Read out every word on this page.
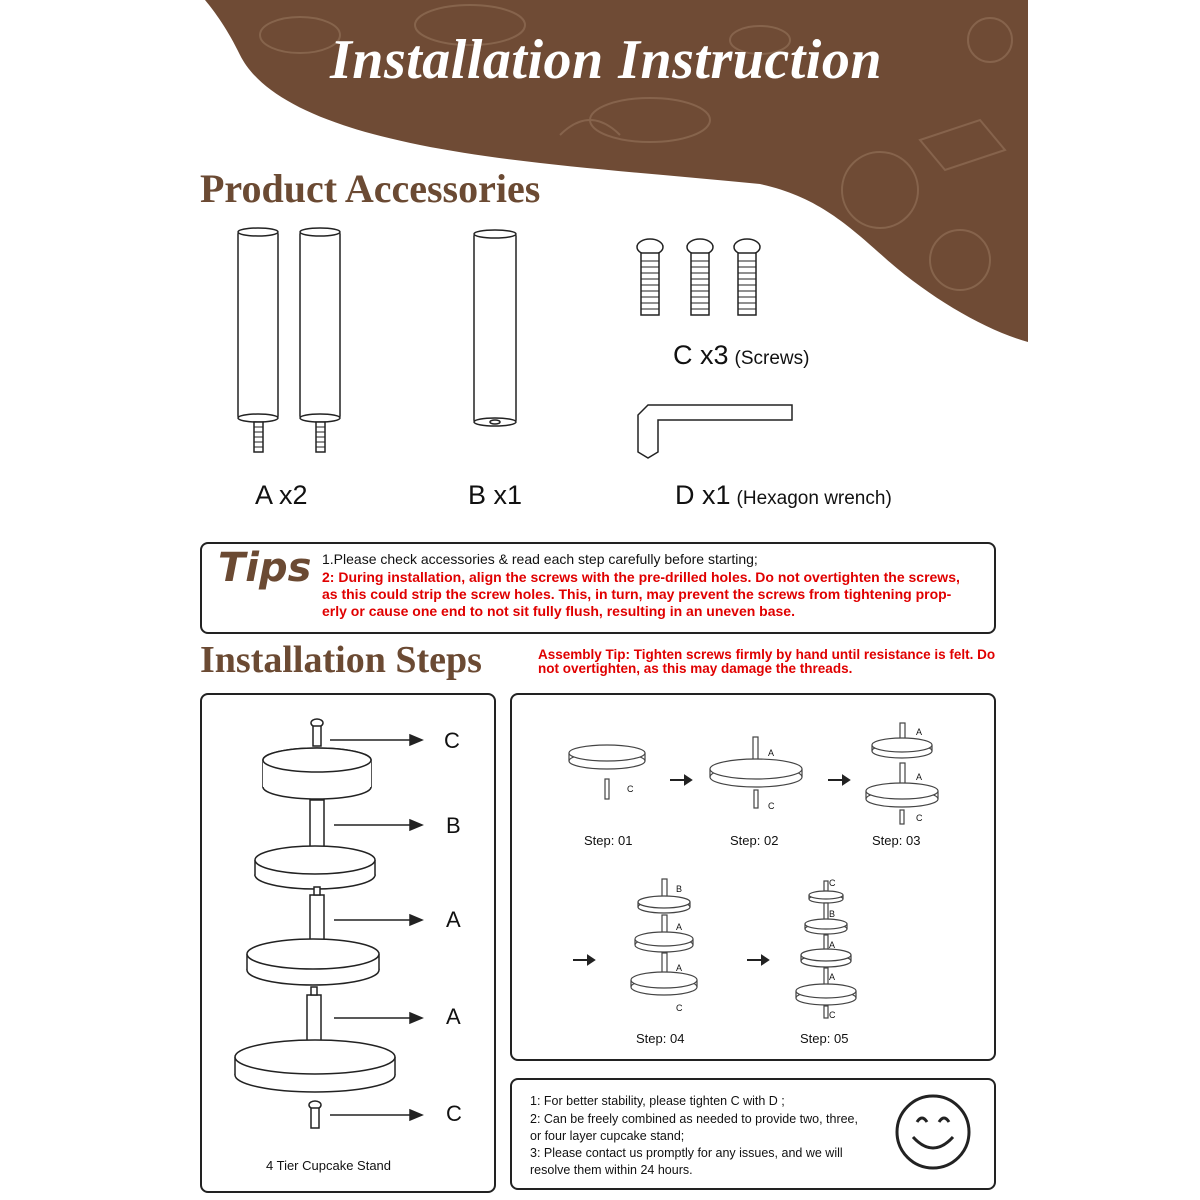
Installation Instruction
Product Accessories
C x3 (Screws)
A x2	B x1	D x1 (Hexagon wrench)
Tips 1.Please check accessories & read each step carefully before starting;
2: During installation, align the screws with the pre-drilled holes. Do not overtighten the screws,
as this could strip the screw holes. This, in turn, may prevent the screws from tightening prop-
erly or cause one end to not sit fully flush, resulting in an uneven base.
Installation Steps	Assembly Tip: Tighten screws firmly by hand until resistance is felt. Do not overtighten, as this may damage the threads.
C
B
A
A
C
4 Tier Cupcake Stand
C
A
C
A
A
C
B
A
A
C
C
B
A
A
C
Step: 01	Step: 02	Step: 03
Step: 04	Step: 05
1: For better stability, please tighten C with D ;
2: Can be freely combined as needed to provide two, three,
or four layer cupcake stand;
3: Please contact us promptly for any issues, and we will
resolve them within 24 hours.
